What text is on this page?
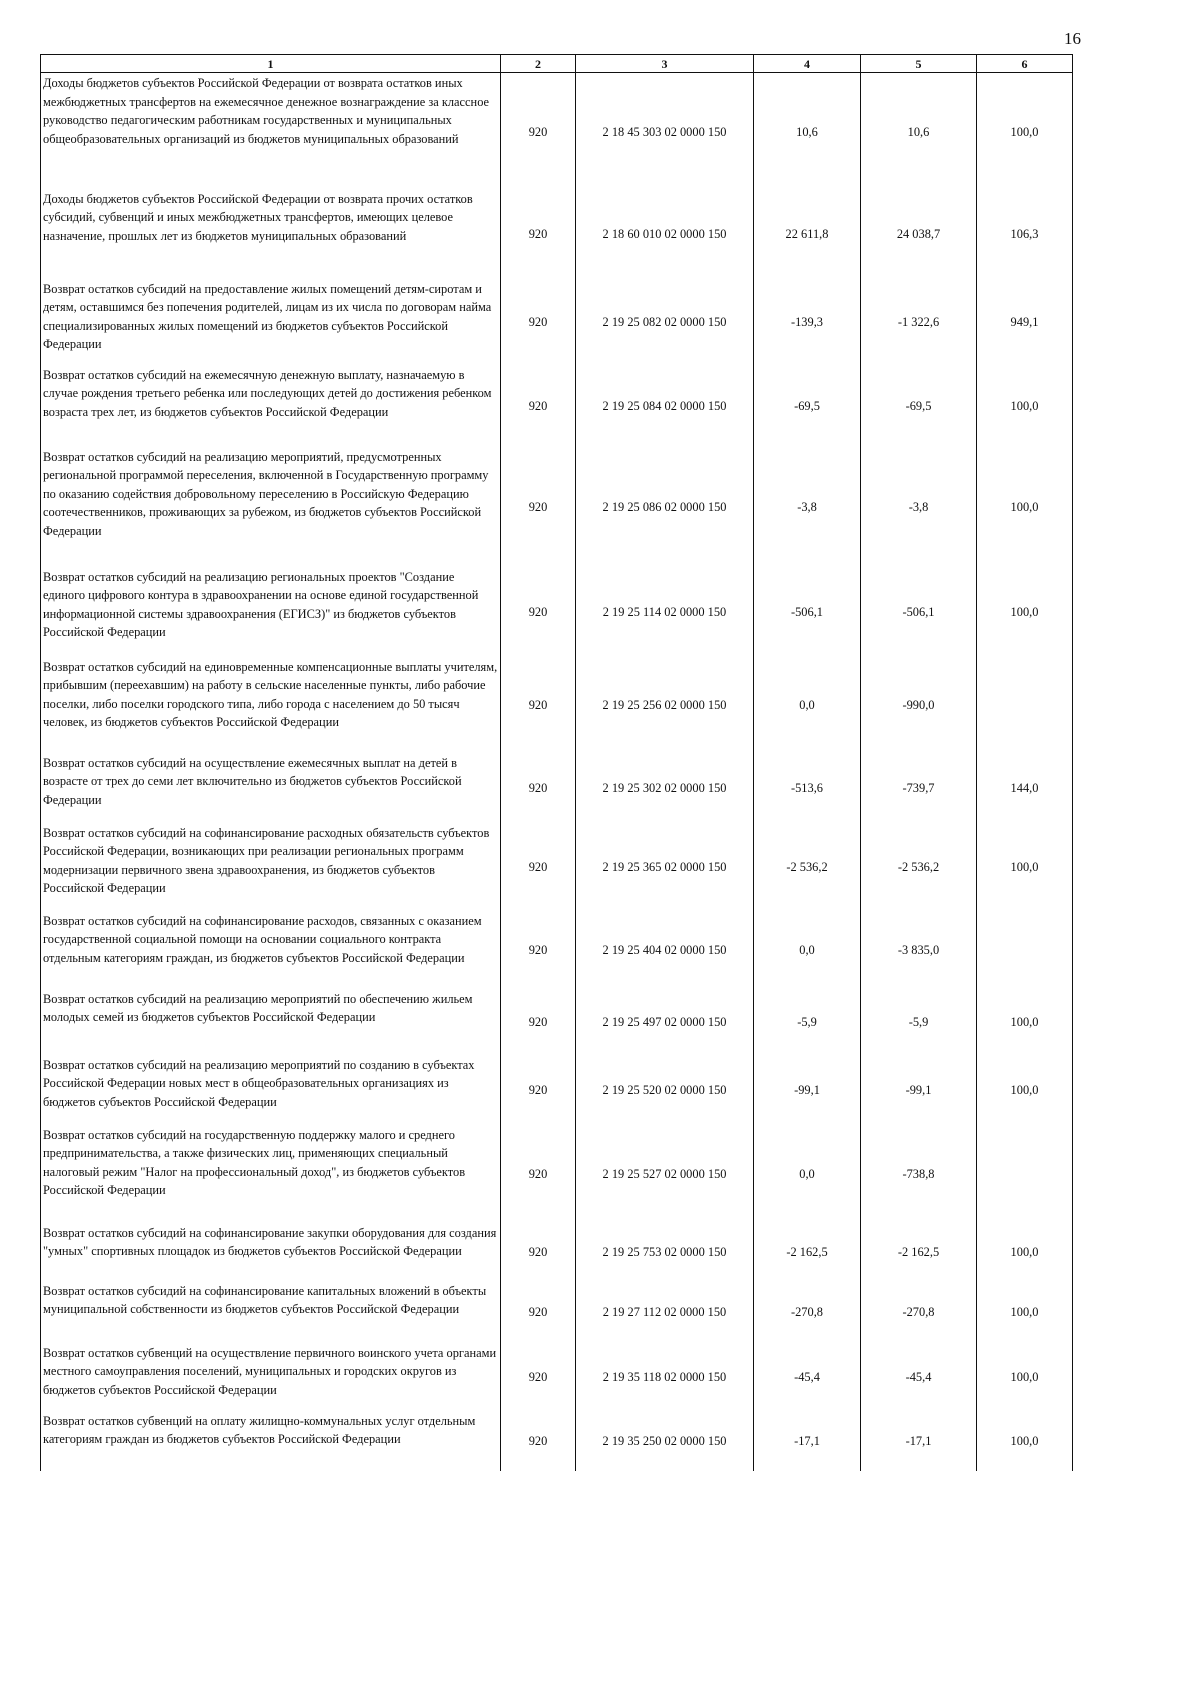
16
1	2	3	4	5	6
Доходы бюджетов субъектов Российской Федерации от возврата остатков иных межбюджетных трансфертов на ежемесячное денежное вознаграждение за классное руководство педагогическим работникам государственных и муниципальных общеобразовательных организаций из бюджетов муниципальных образований	920	2 18 45 303 02 0000 150	10,6	10,6	100,0
Доходы бюджетов субъектов Российской Федерации от возврата прочих остатков субсидий, субвенций и иных межбюджетных трансфертов, имеющих целевое назначение, прошлых лет из бюджетов муниципальных образований	920	2 18 60 010 02 0000 150	22 611,8	24 038,7	106,3
Возврат остатков субсидий на предоставление жилых помещений детям-сиротам и детям, оставшимся без попечения родителей, лицам из их числа по договорам найма специализированных жилых помещений из бюджетов субъектов Российской Федерации	920	2 19 25 082 02 0000 150	-139,3	-1 322,6	949,1
Возврат остатков субсидий на ежемесячную денежную выплату, назначаемую в случае рождения третьего ребенка или последующих детей до достижения ребенком возраста трех лет, из бюджетов субъектов Российской Федерации	920	2 19 25 084 02 0000 150	-69,5	-69,5	100,0
Возврат остатков субсидий на реализацию мероприятий, предусмотренных региональной программой переселения, включенной в Государственную программу по оказанию содействия добровольному переселению в Российскую Федерацию соотечественников, проживающих за рубежом, из бюджетов субъектов Российской Федерации	920	2 19 25 086 02 0000 150	-3,8	-3,8	100,0
Возврат остатков субсидий на реализацию региональных проектов "Создание единого цифрового контура в здравоохранении на основе единой государственной информационной системы здравоохранения (ЕГИСЗ)" из бюджетов субъектов Российской Федерации	920	2 19 25 114 02 0000 150	-506,1	-506,1	100,0
Возврат остатков субсидий на единовременные компенсационные выплаты учителям, прибывшим (переехавшим) на работу в сельские населенные пункты, либо рабочие поселки, либо поселки городского типа, либо города с населением до 50 тысяч человек, из бюджетов субъектов Российской Федерации	920	2 19 25 256 02 0000 150	0,0	-990,0	
Возврат остатков субсидий на осуществление ежемесячных выплат на детей в возрасте от трех до семи лет включительно из бюджетов субъектов Российской Федерации	920	2 19 25 302 02 0000 150	-513,6	-739,7	144,0
Возврат остатков субсидий на софинансирование расходных обязательств субъектов Российской Федерации, возникающих при реализации региональных программ модернизации первичного звена здравоохранения, из бюджетов субъектов Российской Федерации	920	2 19 25 365 02 0000 150	-2 536,2	-2 536,2	100,0
Возврат остатков субсидий на софинансирование расходов, связанных с оказанием государственной социальной помощи на основании социального контракта отдельным категориям граждан, из бюджетов субъектов Российской Федерации	920	2 19 25 404 02 0000 150	0,0	-3 835,0	
Возврат остатков субсидий на реализацию мероприятий по обеспечению жильем молодых семей из бюджетов субъектов Российской Федерации	920	2 19 25 497 02 0000 150	-5,9	-5,9	100,0
Возврат остатков субсидий на реализацию мероприятий по созданию в субъектах Российской Федерации новых мест в общеобразовательных организациях из бюджетов субъектов Российской Федерации	920	2 19 25 520 02 0000 150	-99,1	-99,1	100,0
Возврат остатков субсидий на государственную поддержку малого и среднего предпринимательства, а также физических лиц, применяющих специальный налоговый режим "Налог на профессиональный доход", из бюджетов субъектов Российской Федерации	920	2 19 25 527 02 0000 150	0,0	-738,8	
Возврат остатков субсидий на софинансирование закупки оборудования для создания "умных" спортивных площадок из бюджетов субъектов Российской Федерации	920	2 19 25 753 02 0000 150	-2 162,5	-2 162,5	100,0
Возврат остатков субсидий на софинансирование капитальных вложений в объекты муниципальной собственности из бюджетов субъектов Российской Федерации	920	2 19 27 112 02 0000 150	-270,8	-270,8	100,0
Возврат остатков субвенций на осуществление первичного воинского учета органами местного самоуправления поселений, муниципальных и городских округов из бюджетов субъектов Российской Федерации	920	2 19 35 118 02 0000 150	-45,4	-45,4	100,0
Возврат остатков субвенций на оплату жилищно-коммунальных услуг отдельным категориям граждан из бюджетов субъектов Российской Федерации	920	2 19 35 250 02 0000 150	-17,1	-17,1	100,0
